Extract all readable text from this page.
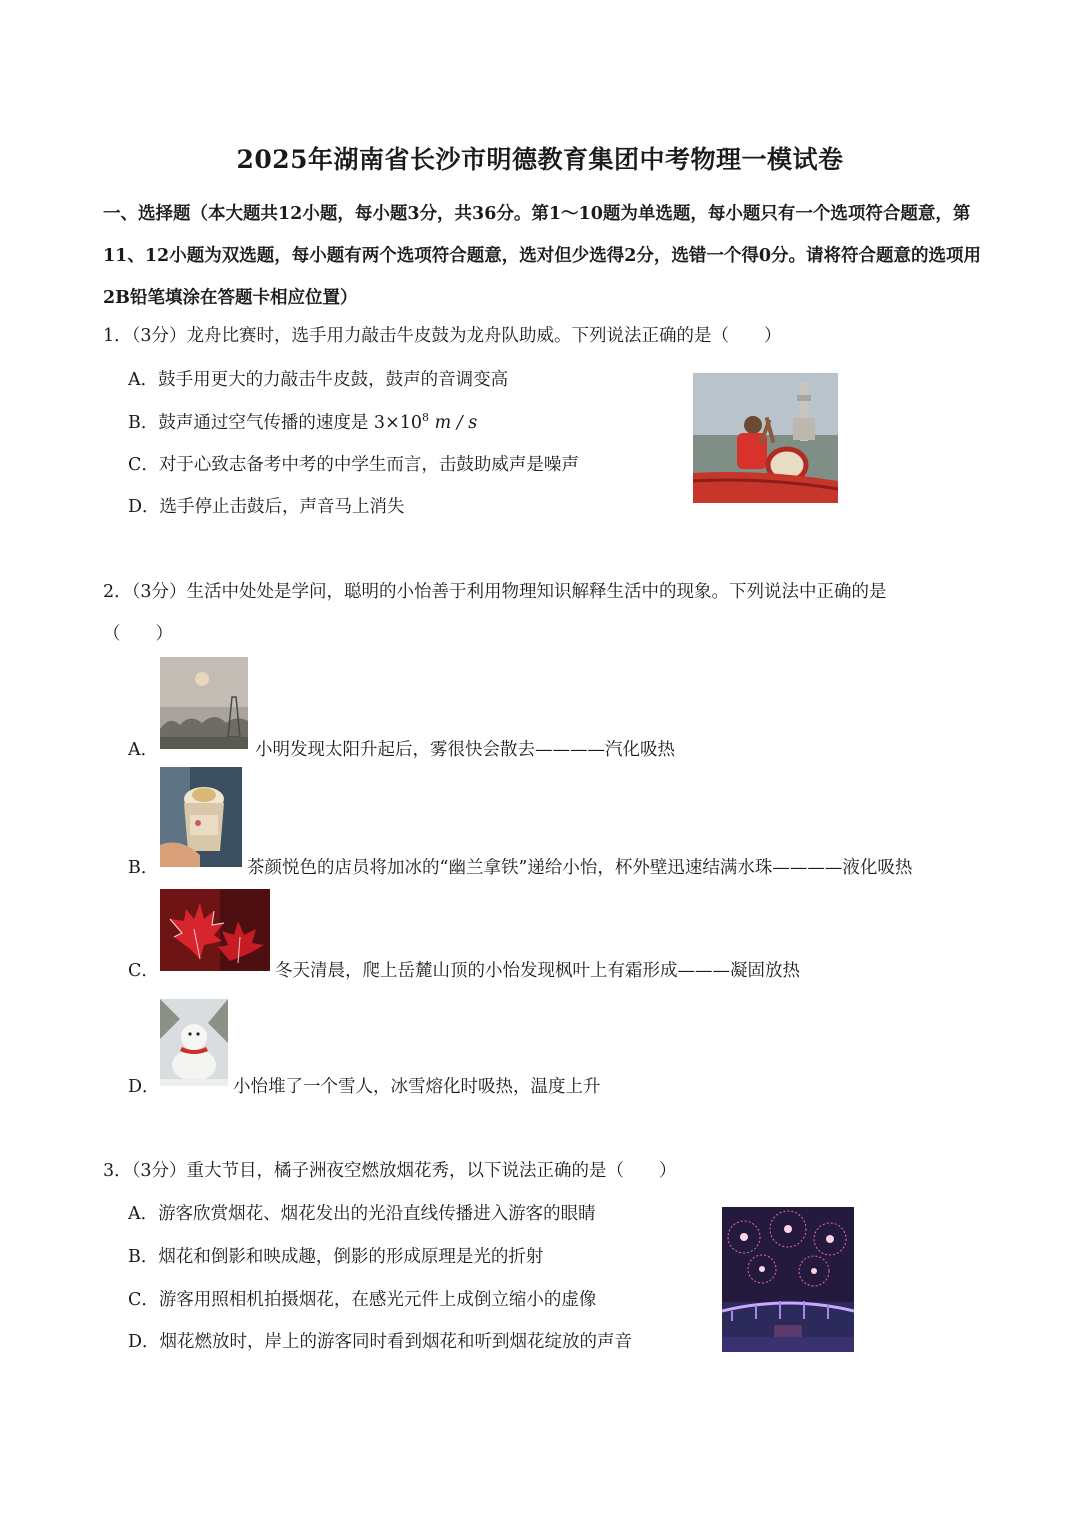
2025年湖南省长沙市明德教育集团中考物理一模试卷
一、选择题（本大题共12小题，每小题3分，共36分。第1～10题为单选题，每小题只有一个选项符合题意，第11、12小题为双选题，每小题有两个选项符合题意，选对但少选得2分，选错一个得0分。请将符合题意的选项用2B铅笔填涂在答题卡相应位置）
1．（3分）龙舟比赛时，选手用力敲击牛皮鼓为龙舟队助威。下列说法正确的是（　　）
A．鼓手用更大的力敲击牛皮鼓，鼓声的音调变高
B．鼓声通过空气传播的速度是 $3\times 10^8$ m / s
C．对于心致志备考中考的中学生而言，击鼓助威声是噪声
D．选手停止击鼓后，声音马上消失
2．（3分）生活中处处是学问，聪明的小怡善于利用物理知识解释生活中的现象。下列说法中正确的是
（　　）
A．	小明发现太阳升起后，雾很快会散去————汽化吸热
B．	茶颜悦色的店员将加冰的“幽兰拿铁”递给小怡，杯外壁迅速结满水珠————液化吸热
C．	冬天清晨，爬上岳麓山顶的小怡发现枫叶上有霜形成———凝固放热
D．	小怡堆了一个雪人，冰雪熔化时吸热，温度上升
3．（3分）重大节目，橘子洲夜空燃放烟花秀，以下说法正确的是（　　）
A．游客欣赏烟花、烟花发出的光沿直线传播进入游客的眼睛
B．烟花和倒影和映成趣，倒影的形成原理是光的折射
C．游客用照相机拍摄烟花，在感光元件上成倒立缩小的虚像
D．烟花燃放时，岸上的游客同时看到烟花和听到烟花绽放的声音
